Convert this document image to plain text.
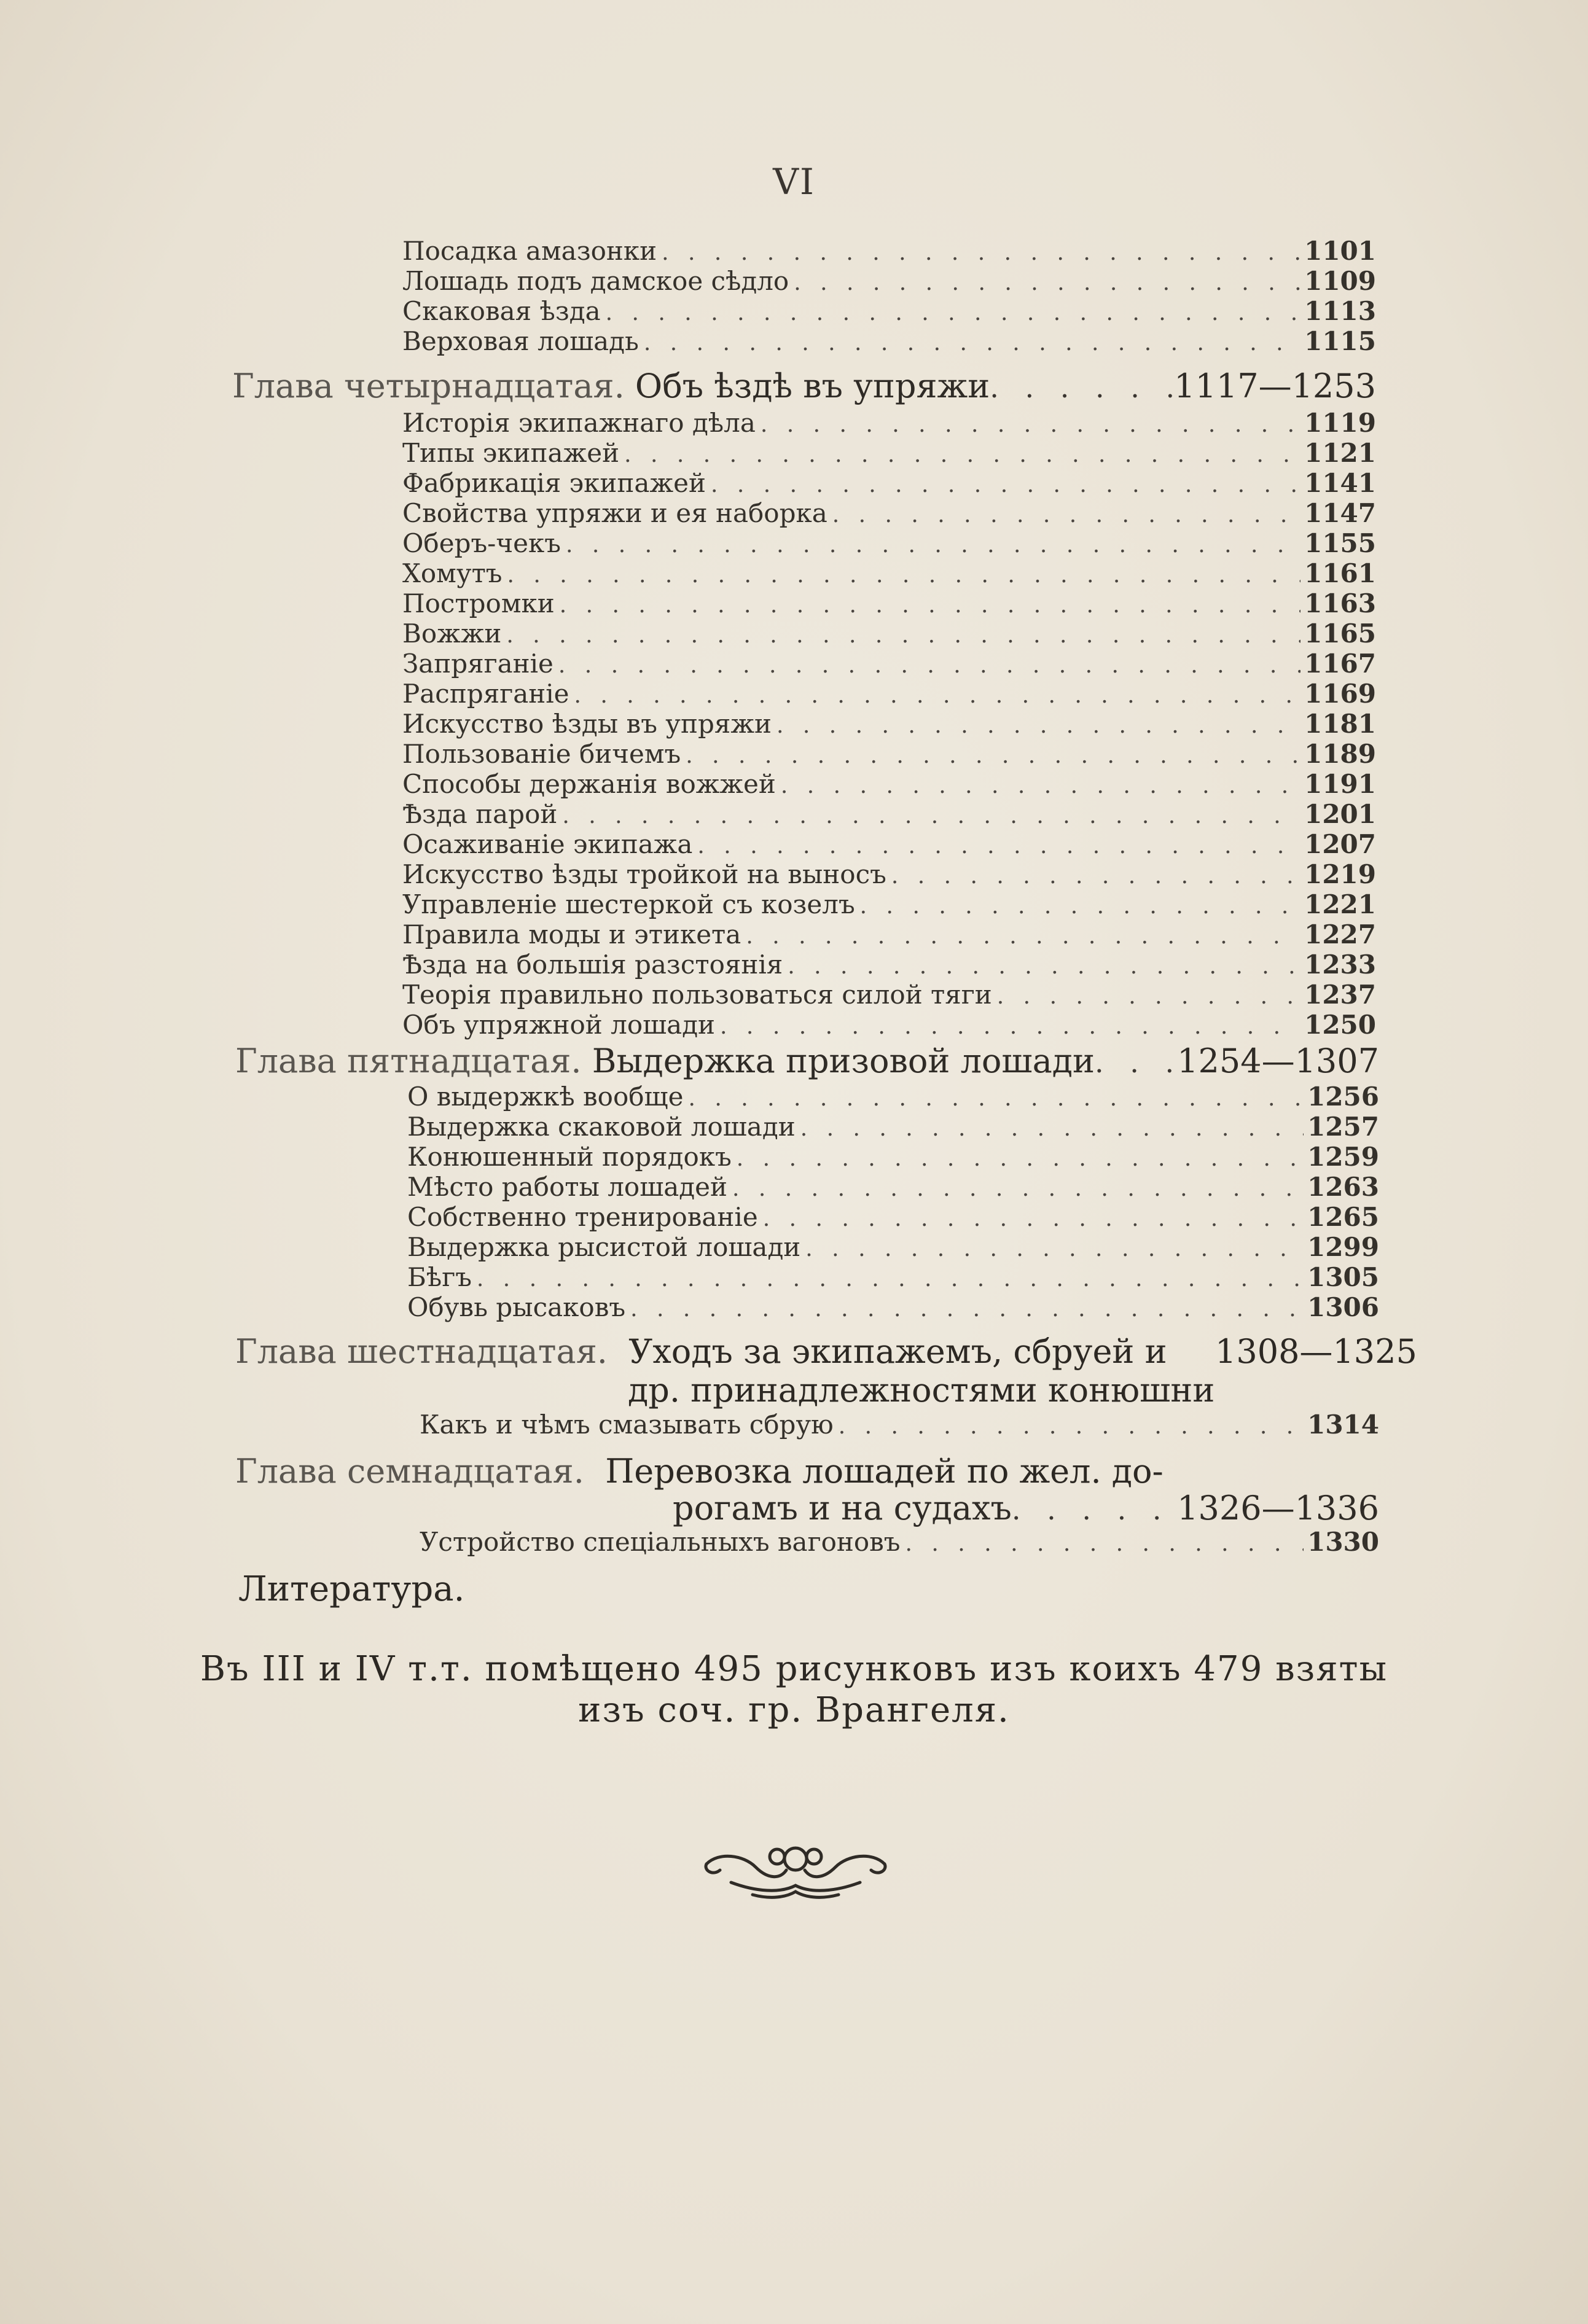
VI
Посадка амазонки . . .	1101
Лошадь подъ дамское сѣдло . . .	1109
Скаковая ѣзда . . .	1113
Верховая лошадь . . .	1115
Глава четырнадцатая.
Объ ѣздѣ въ упряжи . . .	1117—1253
Исторія экипажнаго дѣла . . .	1119
Типы экипажей . . .	1121
Фабрикація экипажей . . .	1141
Свойства упряжи и ея наборка . . .	1147
Оберъ-чекъ . . .	1155
Хомутъ . . .	1161
Постромки . . .	1163
Вожжи . . .	1165
Запряганіе . . .	1167
Распряганіе . . .	1169
Искусство ѣзды въ упряжи . . .	1181
Пользованіе бичемъ . . .	1189
Способы держанія вожжей . . .	1191
Ѣзда парой . . .	1201
Осаживаніе экипажа . . .	1207
Искусство ѣзды тройкой на выносъ . . .	1219
Управленіе шестеркой съ козелъ . . .	1221
Правила моды и этикета . . .	1227
Ѣзда на большія разстоянія . . .	1233
Теорія правильно пользоваться силой тяги . . .	1237
Объ упряжной лошади . . .	1250
Глава пятнадцатая.
Выдержка призовой лошади . . . 1254—1307
О выдержкѣ вообще . . .	1256
Выдержка скаковой лошади . . .	1257
Конюшенный порядокъ . . .	1259
Мѣсто работы лошадей . . .	1263
Собственно тренированіе . . .	1265
Выдержка рысистой лошади . . .	1299
Бѣгъ . . .	1305
Обувь рысаковъ . . .	1306
Глава шестнадцатая. Уходъ за экипажемъ, сбруей и 1308—1325
др. принадлежностями конюшни
Какъ и чѣмъ смазывать сбрую . . .	1314
Глава семнадцатая. Перевозка лошадей по жел. до-
рогамъ и на судахъ . . .	1326—1336
Устройство спеціальныхъ вагоновъ . . .	1330
Литература.
Въ III и IV т.т. помѣщено 495 рисунковъ изъ коихъ 479 взяты
изъ соч. гр. Врангеля.
